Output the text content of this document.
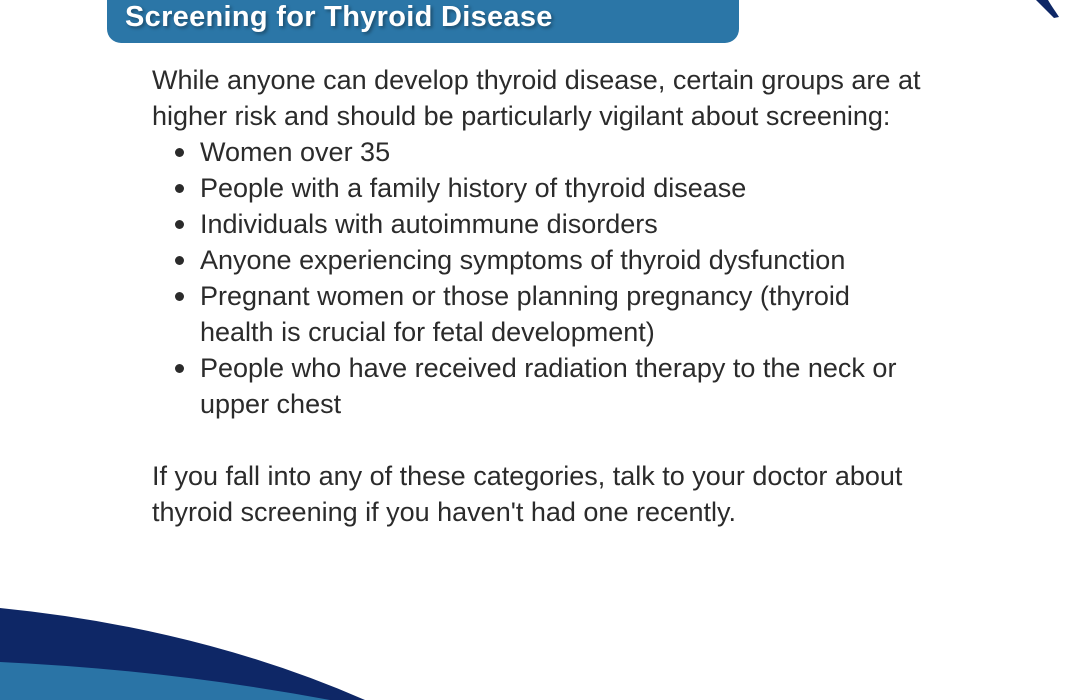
Screening for Thyroid Disease
While anyone can develop thyroid disease, certain groups are at
higher risk and should be particularly vigilant about screening:
Women over 35
People with a family history of thyroid disease
Individuals with autoimmune disorders
Anyone experiencing symptoms of thyroid dysfunction
Pregnant women or those planning pregnancy (thyroid
health is crucial for fetal development)
People who have received radiation therapy to the neck or
upper chest
If you fall into any of these categories, talk to your doctor about
thyroid screening if you haven't had one recently.
